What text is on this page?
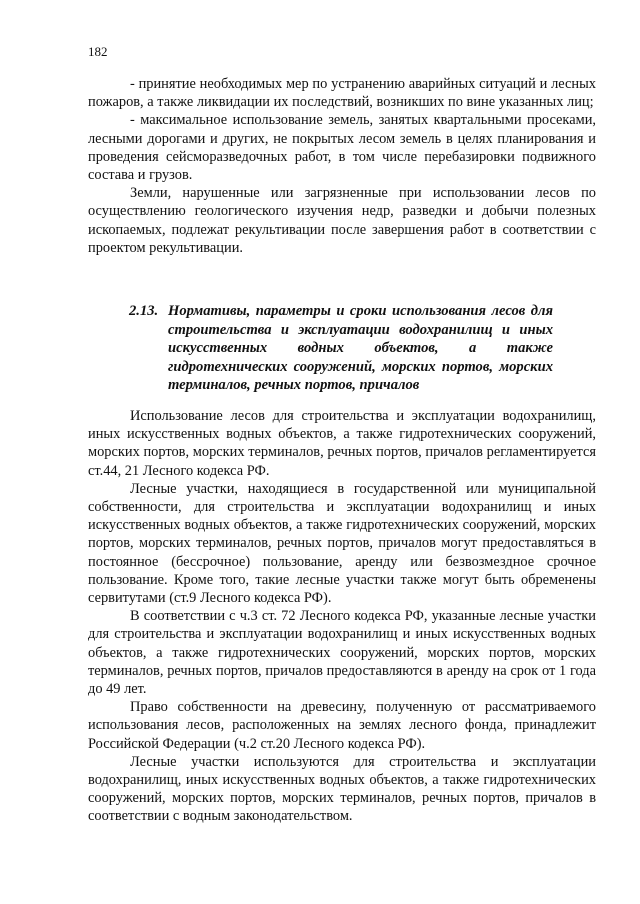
182

- принятие необходимых мер по устранению аварийных ситуаций и лесных пожаров, а также ликвидации их последствий, возникших по вине указанных лиц;

- максимальное использование земель, занятых квартальными просеками, лесными дорогами и других, не покрытых лесом земель в целях планирования и проведения сейсморазведочных работ, в том числе перебазировки подвижного состава и грузов.

Земли, нарушенные или загрязненные при использовании лесов по осуществлению геологического изучения недр, разведки и добычи полезных ископаемых, подлежат рекультивации после завершения работ в соответствии с проектом рекультивации.

2.13. Нормативы, параметры и сроки использования лесов для строительства и эксплуатации водохранилищ и иных искусственных водных объектов, а также гидротехнических сооружений, морских портов, морских терминалов, речных портов, причалов

Использование лесов для строительства и эксплуатации водохранилищ, иных искусственных водных объектов, а также гидротехнических сооружений, морских портов, морских терминалов, речных портов, причалов регламентируется ст.44, 21 Лесного кодекса РФ.

Лесные участки, находящиеся в государственной или муниципальной собственности, для строительства и эксплуатации водохранилищ и иных искусственных водных объектов, а также гидротехнических сооружений, морских портов, морских терминалов, речных портов, причалов могут предоставляться в постоянное (бессрочное) пользование, аренду или безвозмездное срочное пользование. Кроме того, такие лесные участки также могут быть обременены сервитутами (ст.9 Лесного кодекса РФ).

В соответствии с ч.3 ст. 72 Лесного кодекса РФ, указанные лесные участки для строительства и эксплуатации водохранилищ и иных искусственных водных объектов, а также гидротехнических сооружений, морских портов, морских терминалов, речных портов, причалов предоставляются в аренду на срок от 1 года до 49 лет.

Право собственности на древесину, полученную от рассматриваемого использования лесов, расположенных на землях лесного фонда, принадлежит Российской Федерации (ч.2 ст.20 Лесного кодекса РФ).

Лесные участки используются для строительства и эксплуатации водохранилищ, иных искусственных водных объектов, а также гидротехнических сооружений, морских портов, морских терминалов, речных портов, причалов в соответствии с водным законодательством.
